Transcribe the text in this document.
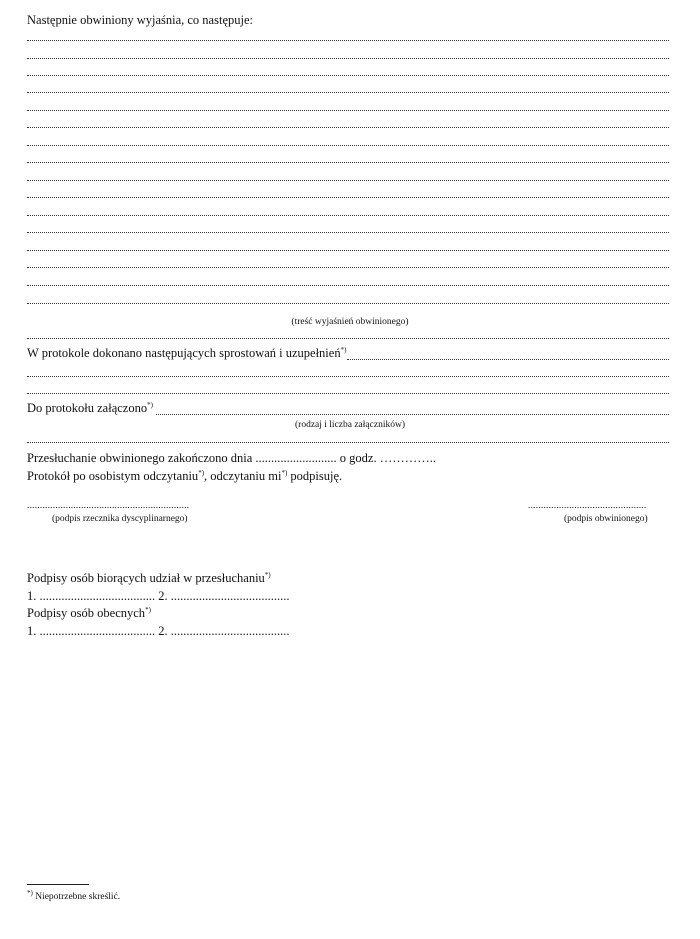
Następnie obwiniony wyjaśnia, co następuje:
(treść wyjaśnień obwinionego)
W protokole dokonano następujących sprostowań i uzupełnień*)
Do protokołu załączono*)
(rodzaj i liczba załączników)
Przesłuchanie obwinionego zakończono dnia .......................... o godz. …………..
Protokół po osobistym odczytaniu*), odczytaniu mi*) podpisuję.
...............................................................
(podpis rzecznika dyscyplinarnego)
..............................................
(podpis obwinionego)
Podpisy osób biorących udział w przesłuchaniu*)
1. ..................................... 2. ......................................
Podpisy osób obecnych*)
1. ..................................... 2. ......................................
*) Niepotrzebne skreślić.
